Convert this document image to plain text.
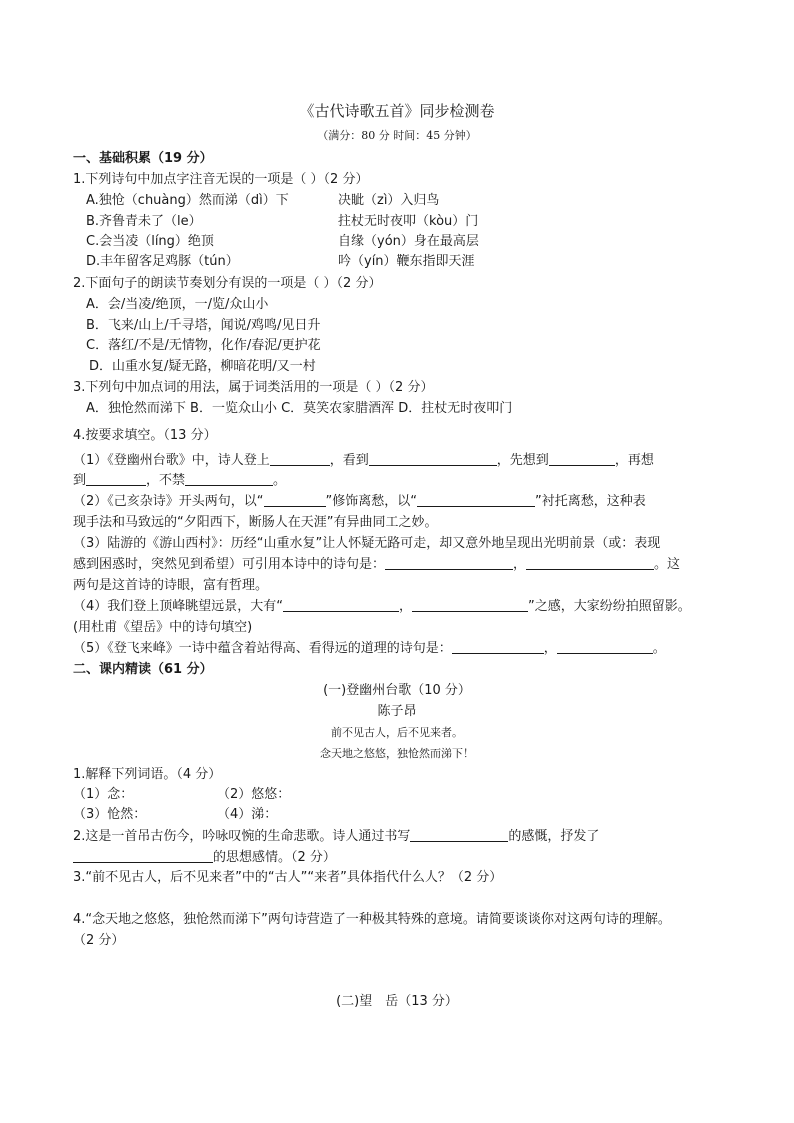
《古代诗歌五首》同步检测卷
（满分：80 分 时间：45 分钟）
一、基础积累（19 分）
1.下列诗句中加点字注音无误的一项是（ ）（2 分）
A.独怆（chuàng）然而涕（dì）下	决眦（zì）入归鸟
B.齐鲁青未了（le）	拄杖无时夜叩（kòu）门
C.会当凌（líng）绝顶	自缘（yón）身在最高层
D.丰年留客足鸡豚（tún）	吟（yín）鞭东指即天涯
2.下面句子的朗读节奏划分有误的一项是（ ）（2 分）
A．会/当凌/绝顶，一/览/众山小
B．飞来/山上/千寻塔，闻说/鸡鸣/见日升
C．落红/不是/无情物，化作/春泥/更护花
D．山重水复/疑无路，柳暗花明/又一村
3.下列句中加点词的用法，属于词类活用的一项是（ ）（2 分）
A．独怆然而涕下 B．一览众山小 C．莫笑农家腊酒浑 D．拄杖无时夜叩门
4.按要求填空。（13 分）
（1）《登幽州台歌》中，诗人登上	，看到	，先想到	，再想
到	，不禁	。
（2）《己亥杂诗》开头两句，以“	”修饰离愁，以“	”衬托离愁，这种表
现手法和马致远的“夕阳西下，断肠人在天涯”有异曲同工之妙。
（3）陆游的《游山西村》：历经“山重水复”让人怀疑无路可走，却又意外地呈现出光明前景（或：表现
感到困惑时，突然见到希望）可引用本诗中的诗句是：	，	。这
两句是这首诗的诗眼，富有哲理。
（4）我们登上顶峰眺望远景，大有“	，	”之感，大家纷纷拍照留影。
(用杜甫《望岳》中的诗句填空)
（5）《登飞来峰》一诗中蕴含着站得高、看得远的道理的诗句是：	，	。
二、课内精读（61 分）
(一)登幽州台歌（10 分）
陈子昂
前不见古人，后不见来者。
念天地之悠悠，独怆然而涕下！
1.解释下列词语。（4 分）
（1）念：	（2）悠悠：
（3）怆然：	（4）涕：
2.这是一首吊古伤今，吟咏叹惋的生命悲歌。诗人通过书写	的感慨，抒发了
的思想感情。（2 分）
3.“前不见古人，后不见来者”中的“古人”“来者”具体指代什么人？（2 分）
4.“念天地之悠悠，独怆然而涕下”两句诗营造了一种极其特殊的意境。请简要谈谈你对这两句诗的理解。
（2 分）
(二)望　岳（13 分）
